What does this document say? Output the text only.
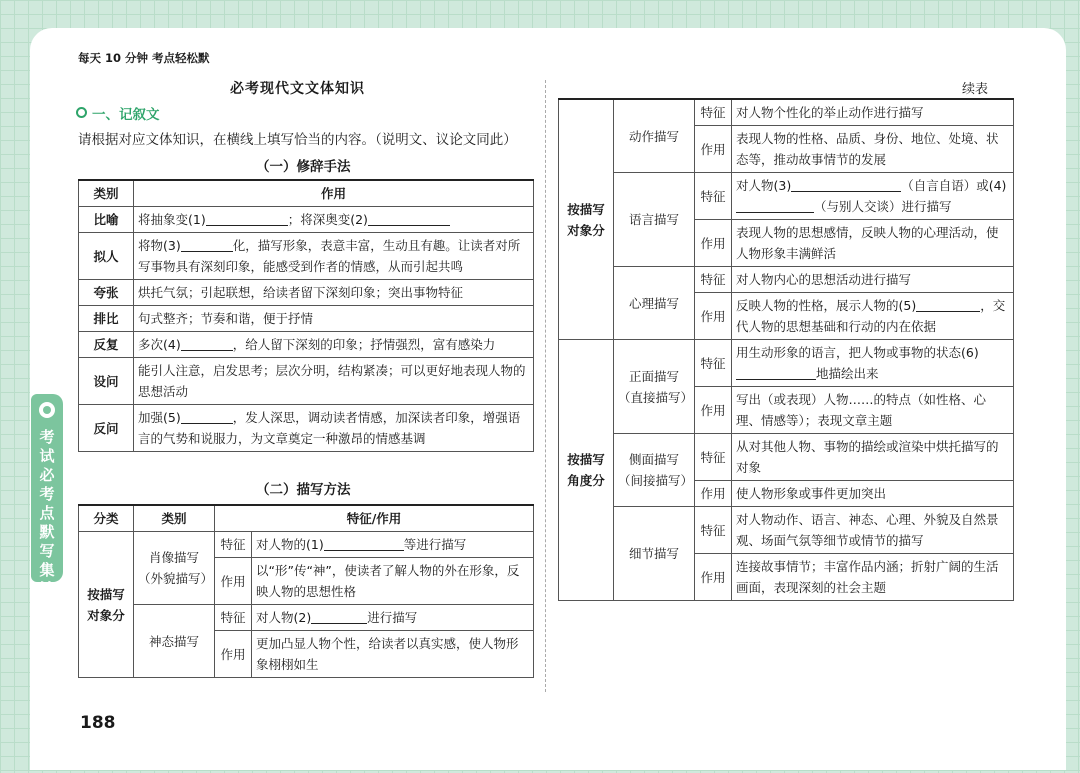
考试必考点默写集锦
每天 10 分钟 考点轻松默
必考现代文文体知识
一、记叙文
请根据对应文体知识，在横线上填写恰当的内容。（说明文、议论文同此）
（一）修辞手法
类别	作用
比喻	将抽象变(1) ；将深奥变(2)
拟人	将物(3) 化，描写形象，表意丰富，生动且有趣。让读者对所写事物具有深刻印象，能感受到作者的情感，从而引起共鸣
夸张	烘托气氛；引起联想，给读者留下深刻印象；突出事物特征
排比	句式整齐；节奏和谐，便于抒情
反复	多次(4) ，给人留下深刻的印象；抒情强烈，富有感染力
设问	能引人注意，启发思考；层次分明，结构紧凑；可以更好地表现人物的思想活动
反问	加强(5) ，发人深思，调动读者情感，加深读者印象，增强语言的气势和说服力，为文章奠定一种激昂的情感基调
（二）描写方法
分类	类别	特征/作用	
按描写对象分	肖像描写（外貌描写）	特征	对人物的(1) 等进行描写
		作用	以“形”传“神”，使读者了解人物的外在形象，反映人物的思想性格
	神态描写	特征	对人物(2) 进行描写
		作用	更加凸显人物个性，给读者以真实感，使人物形象栩栩如生
续表
按描写对象分	动作描写	特征	对人物个性化的举止动作进行描写
		作用	表现人物的性格、品质、身份、地位、处境、状态等，推动故事情节的发展
	语言描写	特征	对人物(3) （自言自语）或(4)（与别人交谈）进行描写
		作用	表现人物的思想感情，反映人物的心理活动，使人物形象丰满鲜活
	心理描写	特征	对人物内心的思想活动进行描写
		作用	反映人物的性格，展示人物的(5) ，交代人物的思想基础和行动的内在依据
按描写角度分	正面描写（直接描写）	特征	用生动形象的语言，把人物或事物的状态(6)地描绘出来
		作用	写出（或表现）人物……的特点（如性格、心理、情感等）；表现文章主题
	侧面描写（间接描写）	特征	从对其他人物、事物的描绘或渲染中烘托描写的对象
		作用	使人物形象或事件更加突出
	细节描写	特征	对人物动作、语言、神态、心理、外貌及自然景观、场面气氛等细节或情节的描写
		作用	连接故事情节；丰富作品内涵；折射广阔的生活画面，表现深刻的社会主题
188
